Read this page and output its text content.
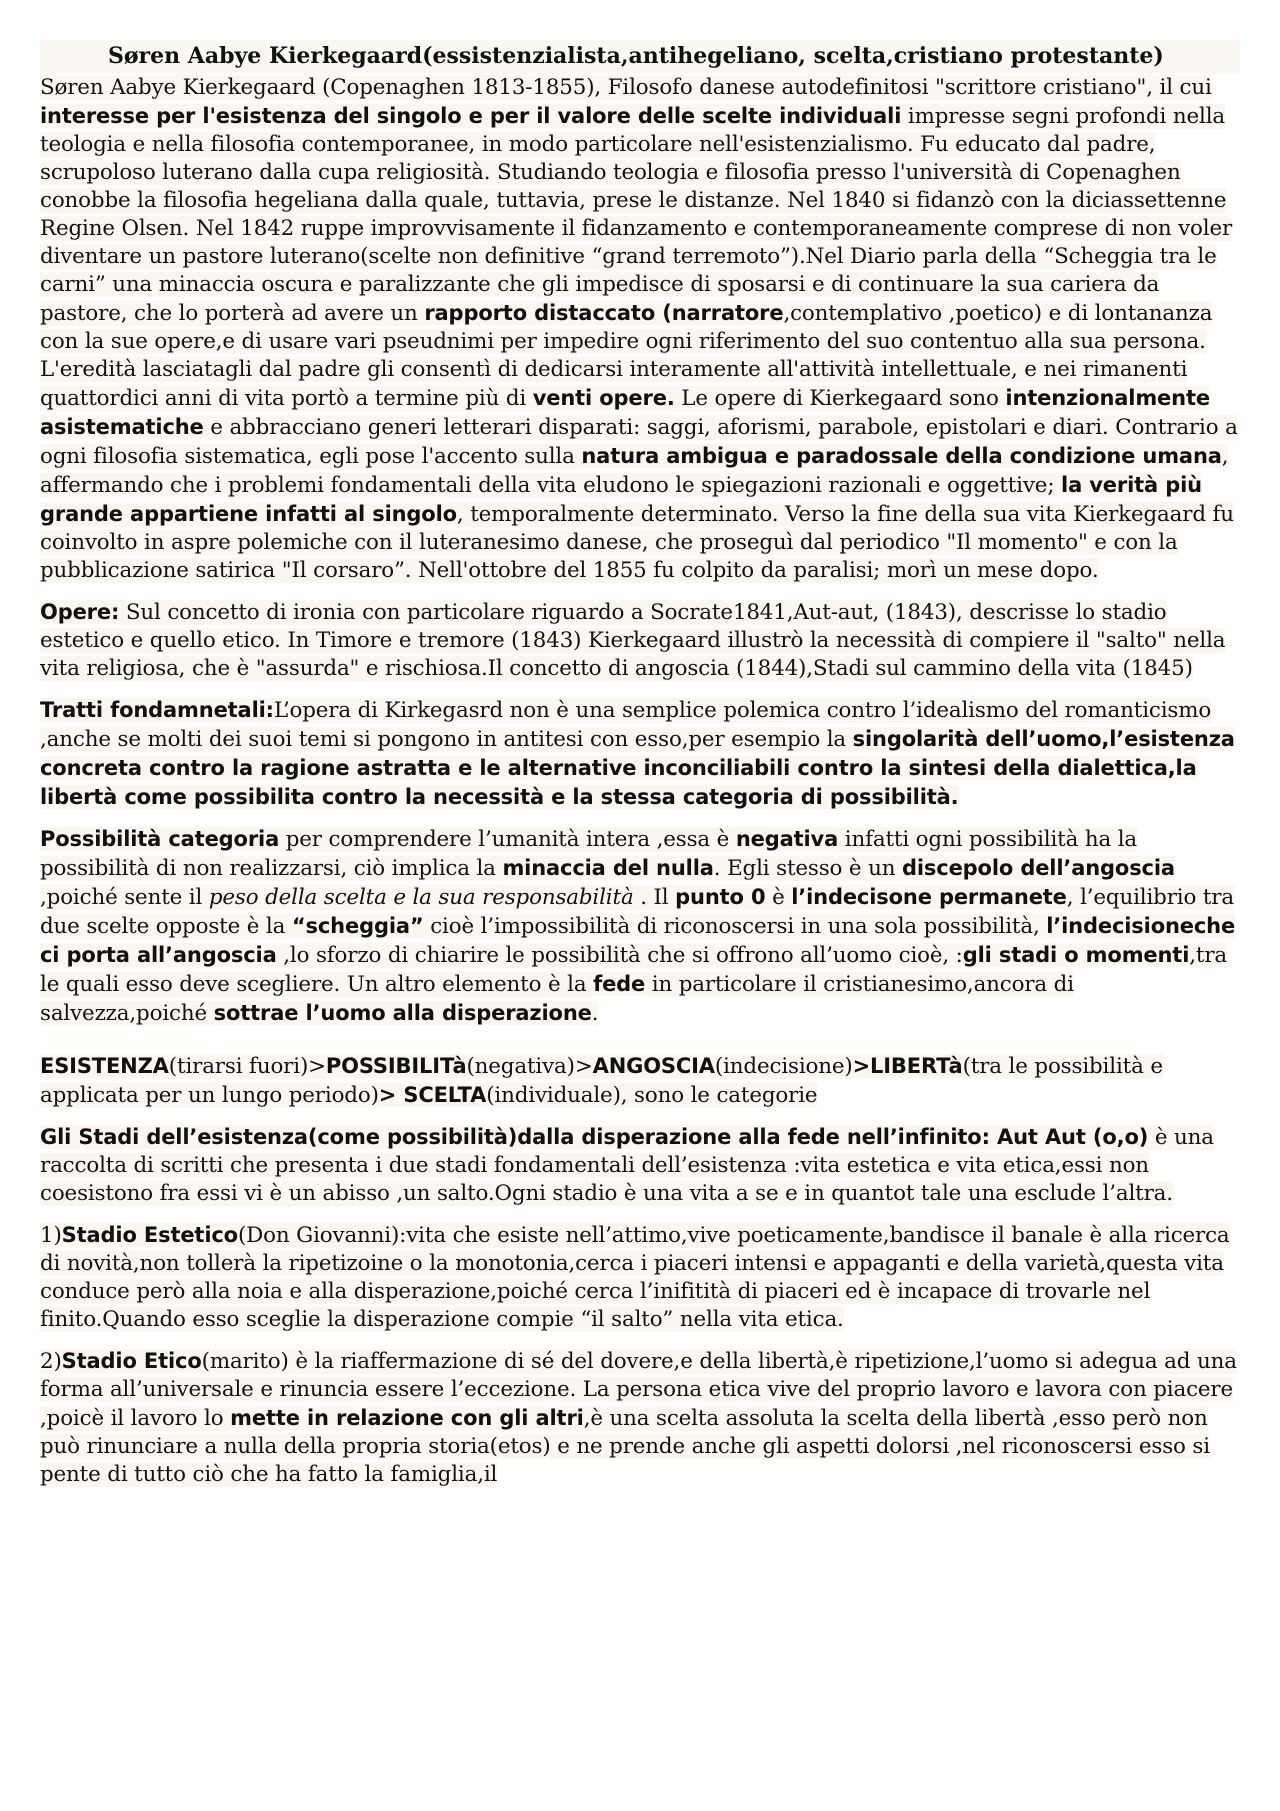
Søren Aabye Kierkegaard(essistenzialista,antihegeliano, scelta,cristiano protestante)

Søren Aabye Kierkegaard (Copenaghen 1813-1855), Filosofo danese autodefinitosi "scrittore cristiano", il cui interesse per l'esistenza del singolo e per il valore delle scelte individuali impresse segni profondi nella teologia e nella filosofia contemporanee, in modo particolare nell'esistenzialismo. Fu educato dal padre, scrupoloso luterano dalla cupa religiosità. Studiando teologia e filosofia presso l'università di Copenaghen conobbe la filosofia hegeliana dalla quale, tuttavia, prese le distanze. Nel 1840 si fidanzò con la diciassettenne Regine Olsen. Nel 1842 ruppe improvvisamente il fidanzamento e contemporaneamente comprese di non voler diventare un pastore luterano(scelte non definitive “grand terremoto”).Nel Diario parla della “Scheggia tra le carni” una minaccia oscura e paralizzante che gli impedisce di sposarsi e di continuare la sua cariera da pastore, che lo porterà ad avere un rapporto distaccato (narratore,contemplativo ,poetico) e di lontananza con la sue opere,e di usare vari pseudnimi per impedire ogni riferimento del suo contentuo alla sua persona. L'eredità lasciatagli dal padre gli consentì di dedicarsi interamente all'attività intellettuale, e nei rimanenti quattordici anni di vita portò a termine più di venti opere. Le opere di Kierkegaard sono intenzionalmente asistematiche e abbracciano generi letterari disparati: saggi, aforismi, parabole, epistolari e diari. Contrario a ogni filosofia sistematica, egli pose l'accento sulla natura ambigua e paradossale della condizione umana, affermando che i problemi fondamentali della vita eludono le spiegazioni razionali e oggettive; la verità più grande appartiene infatti al singolo, temporalmente determinato. Verso la fine della sua vita Kierkegaard fu coinvolto in aspre polemiche con il luteranesimo danese, che proseguì dal periodico "Il momento" e con la pubblicazione satirica "Il corsaro”. Nell'ottobre del 1855 fu colpito da paralisi; morì un mese dopo.

Opere: Sul concetto di ironia con particolare riguardo a Socrate1841,Aut-aut, (1843), descrisse lo stadio estetico e quello etico. In Timore e tremore (1843) Kierkegaard illustrò la necessità di compiere il "salto" nella vita religiosa, che è "assurda" e rischiosa.Il concetto di angoscia (1844),Stadi sul cammino della vita (1845)

Tratti fondamnetali:L’opera di Kirkegasrd non è una semplice polemica contro l’idealismo del romanticismo ,anche se molti dei suoi temi si pongono in antitesi con esso,per esempio la singolarità dell’uomo,l’esistenza concreta contro la ragione astratta e le alternative inconciliabili contro la sintesi della dialettica,la libertà come possibilita contro la necessità e la stessa categoria di possibilità.

Possibilità categoria per comprendere l’umanità intera ,essa è negativa infatti ogni possibilità ha la possibilità di non realizzarsi, ciò implica la minaccia del nulla. Egli stesso è un discepolo dell’angoscia ,poiché sente il peso della scelta e la sua responsabilità . Il punto 0 è l’indecisone permanete, l’equilibrio tra due scelte opposte è la “scheggia” cioè l’impossibilità di riconoscersi in una sola possibilità, l’indecisioneche ci porta all’angoscia ,lo sforzo di chiarire le possibilità che si offrono all’uomo cioè, :gli stadi o momenti,tra le quali esso deve scegliere. Un altro elemento è la fede in particolare il cristianesimo,ancora di salvezza,poiché sottrae l’uomo alla disperazione.

ESISTENZA(tirarsi fuori)>POSSIBILITà(negativa)>ANGOSCIA(indecisione)>LIBERTà(tra le possibilità e applicata per un lungo periodo)> SCELTA(individuale), sono le categorie

Gli Stadi dell’esistenza(come possibilità)dalla disperazione alla fede nell’infinito: Aut Aut (o,o) è una raccolta di scritti che presenta i due stadi fondamentali dell’esistenza :vita estetica e vita etica,essi non coesistono fra essi vi è un abisso ,un salto.Ogni stadio è una vita a se e in quantot tale una esclude l’altra.

1)Stadio Estetico(Don Giovanni):vita che esiste nell’attimo,vive poeticamente,bandisce il banale è alla ricerca di novità,non tollerà la ripetizoine o la monotonia,cerca i piaceri intensi e appaganti e della varietà,questa vita conduce però alla noia e alla disperazione,poiché cerca l’inifitità di piaceri ed è incapace di trovarle nel finito.Quando esso sceglie la disperazione compie “il salto” nella vita etica.

2)Stadio Etico(marito) è la riaffermazione di sé del dovere,e della libertà,è ripetizione,l’uomo si adegua ad una forma all’universale e rinuncia essere l’eccezione. La persona etica vive del proprio lavoro e lavora con piacere ,poicè il lavoro lo mette in relazione con gli altri,è una scelta assoluta la scelta della libertà ,esso però non può rinunciare a nulla della propria storia(etos) e ne prende anche gli aspetti dolorsi ,nel riconoscersi esso si pente di tutto ciò che ha fatto la famiglia,il
